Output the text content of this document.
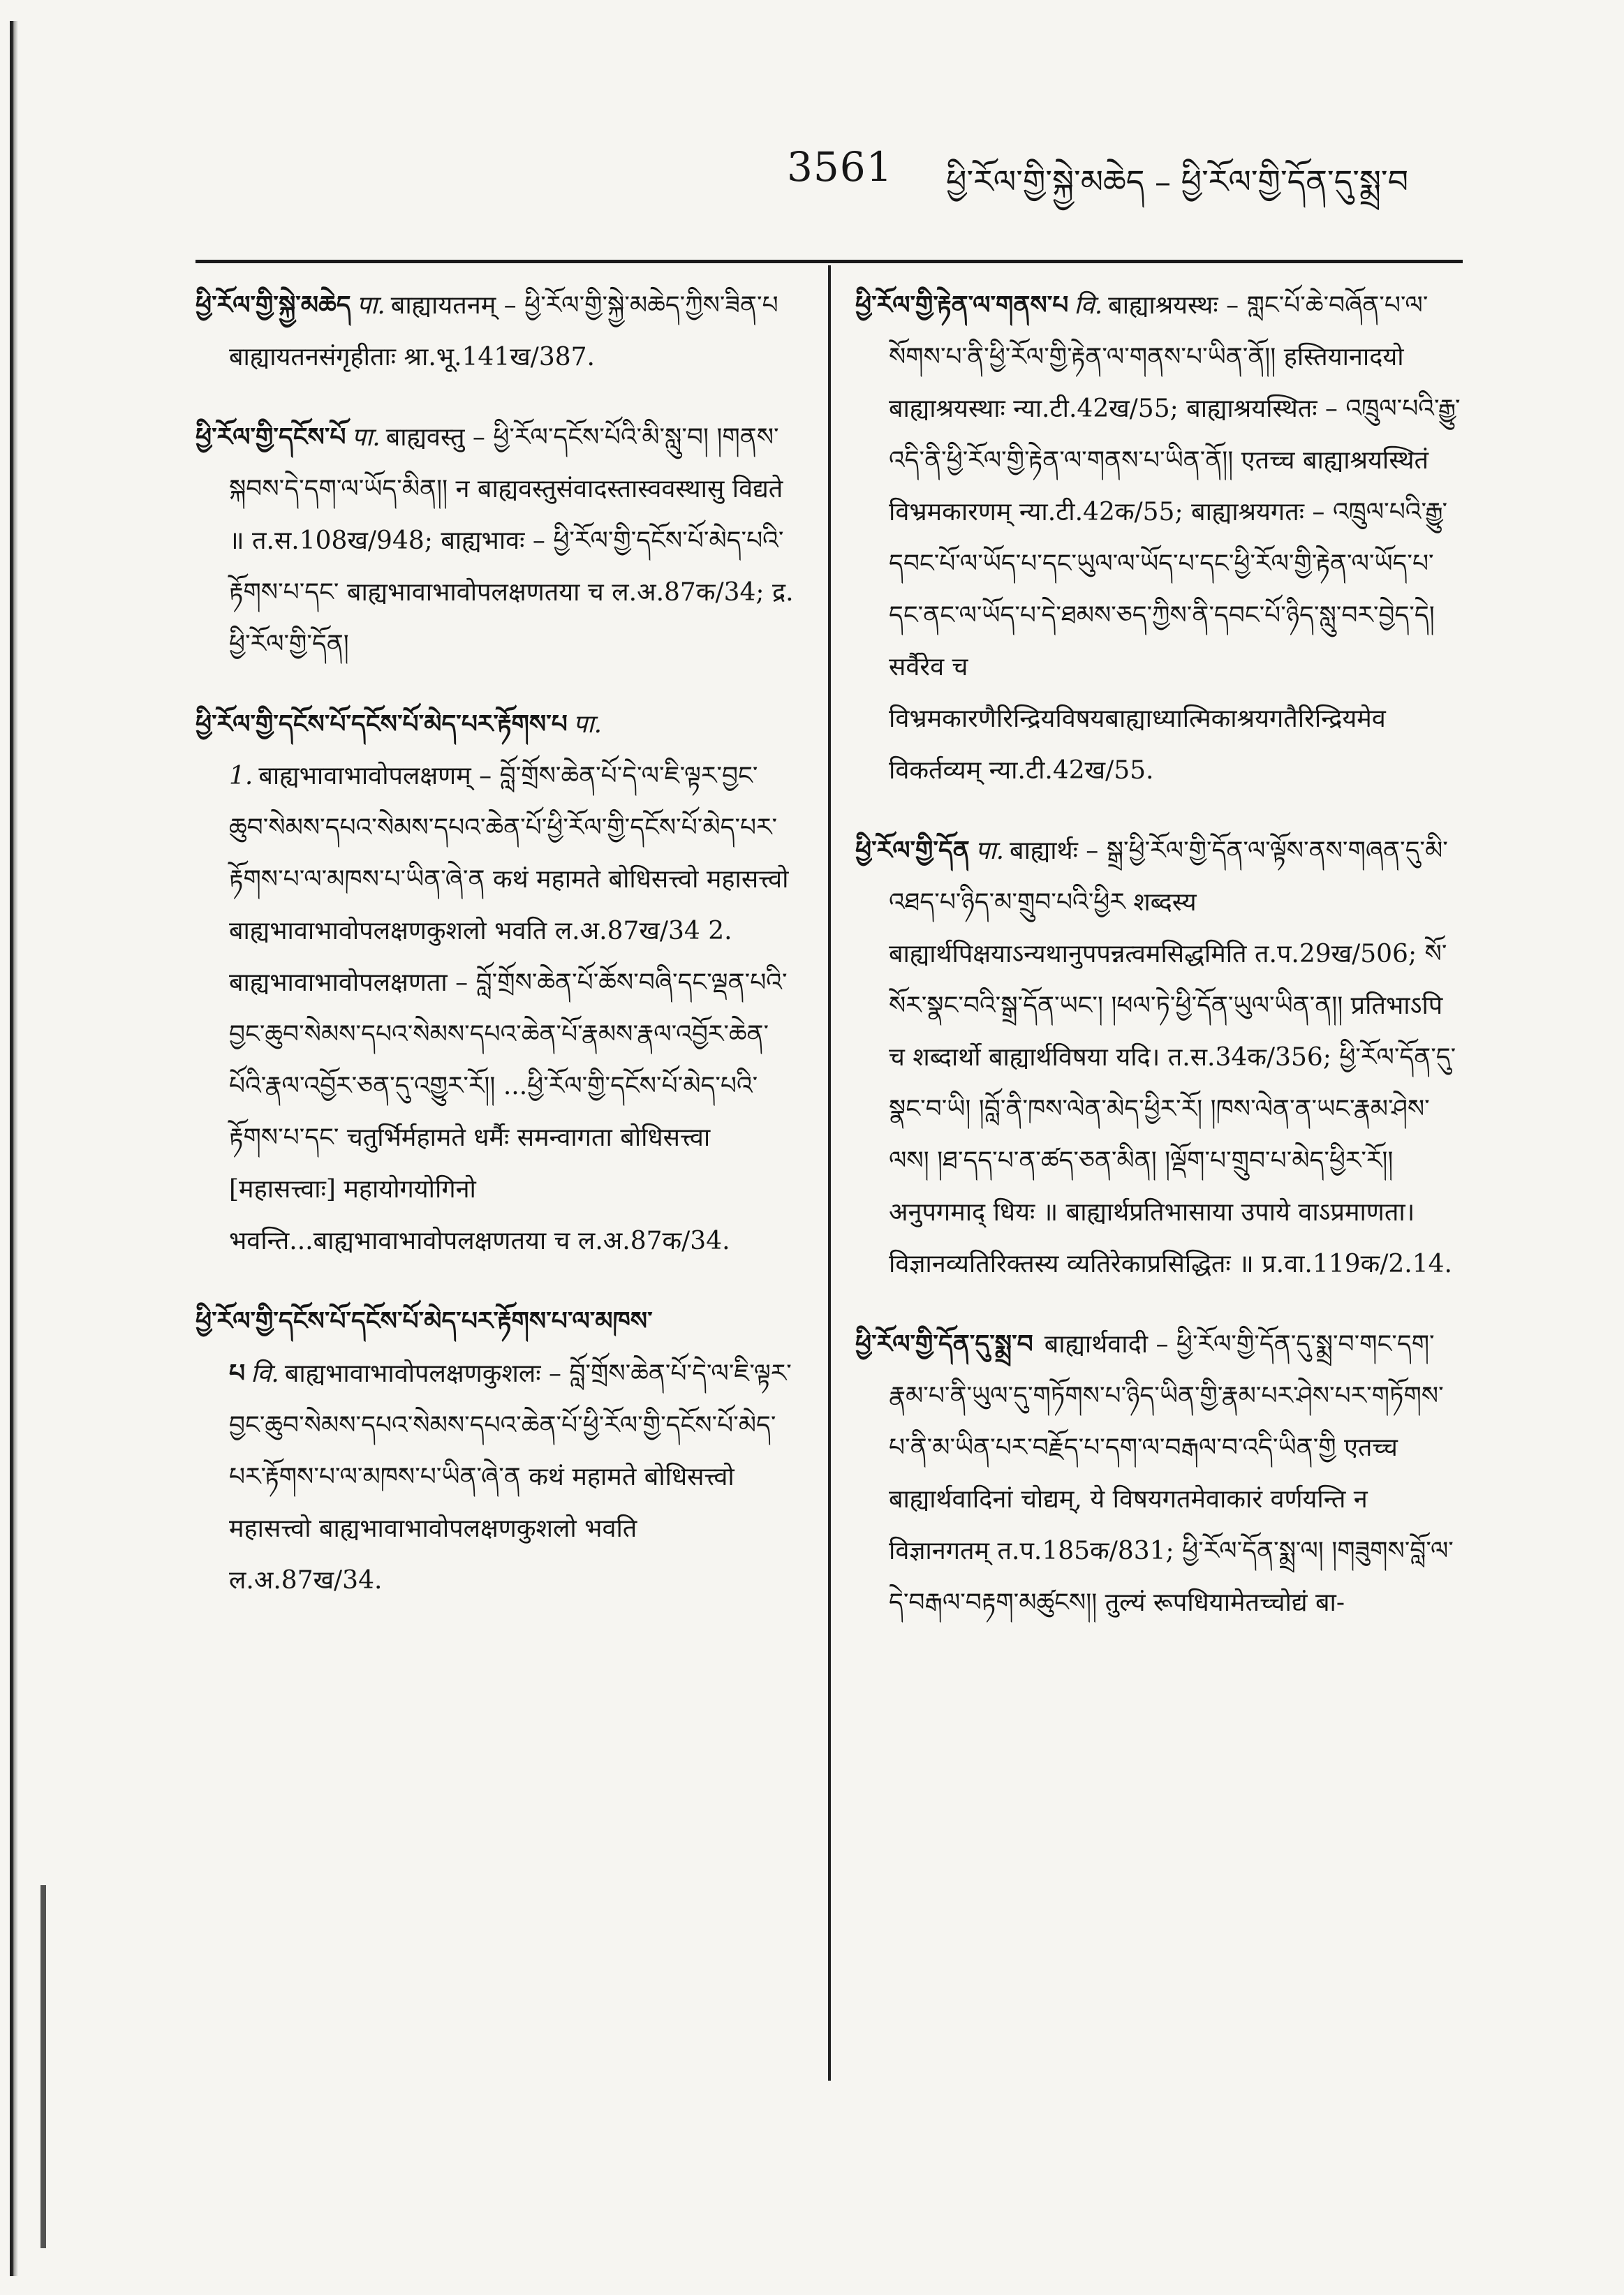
3561 ཕྱི་རོལ་གྱི་སྐྱེ་མཆེད – ཕྱི་རོལ་གྱི་དོན་དུ་སྨྲ་བ

ཕྱི་རོལ་གྱི་སྐྱེ་མཆེད पा. बाह्यायतनम् – ཕྱི་རོལ་གྱི་སྐྱེ་མཆེད་ཀྱིས་ཟིན་པ बाह्यायतनसंगृहीताः श्रा.भू.141ख/387.

ཕྱི་རོལ་གྱི་དངོས་པོ पा. बाह्यवस्तु – ཕྱི་རོལ་དངོས་པོའི་མི་སླུ་བ། །གནས་སྐབས་དེ་དག་ལ་ཡོད་མིན།། न बाह्यवस्तुसंवादस्तास्ववस्थासु विद्यते ॥ त.स.108ख/948; बाह्यभावः – ཕྱི་རོལ་གྱི་དངོས་པོ་མེད་པའི་རྟོགས་པ་དང་ बाह्यभावाभावोपलक्षणतया च ल.अ.87क/34; द्र. ཕྱི་རོལ་གྱི་དོན།

ཕྱི་རོལ་གྱི་དངོས་པོ་དངོས་པོ་མེད་པར་རྟོགས་པ पा. 1. बाह्यभावाभावोपलक्षणम् – བློ་གྲོས་ཆེན་པོ་དེ་ལ་ཇི་ལྟར་བྱང་ཆུབ་སེམས་དཔའ་སེམས་དཔའ་ཆེན་པོ་ཕྱི་རོལ་གྱི་དངོས་པོ་མེད་པར་རྟོགས་པ་ལ་མཁས་པ་ཡིན་ཞེ་ན कथं महामते बोधिसत्त्वो महासत्त्वो बाह्यभावाभावोपलक्षणकुशलो भवति ल.अ.87ख/34 2. बाह्यभावाभावोपलक्षणता – བློ་གྲོས་ཆེན་པོ་ཆོས་བཞི་དང་ལྡན་པའི་བྱང་ཆུབ་སེམས་དཔའ་སེམས་དཔའ་ཆེན་པོ་རྣམས་རྣལ་འབྱོར་ཆེན་པོའི་རྣལ་འབྱོར་ཅན་དུ་འགྱུར་རོ།། ...ཕྱི་རོལ་གྱི་དངོས་པོ་མེད་པའི་རྟོགས་པ་དང་ चतुर्भिर्महामते धर्मैः समन्वागता बोधिसत्त्वा [महासत्त्वाः] महायोगयोगिनो भवन्ति...बाह्यभावाभावोपलक्षणतया च ल.अ.87क/34.

ཕྱི་རོལ་གྱི་དངོས་པོ་དངོས་པོ་མེད་པར་རྟོགས་པ་ལ་མཁས་པ वि. बाह्यभावाभावोपलक्षणकुशलः – བློ་གྲོས་ཆེན་པོ་དེ་ལ་ཇི་ལྟར་བྱང་ཆུབ་སེམས་དཔའ་སེམས་དཔའ་ཆེན་པོ་ཕྱི་རོལ་གྱི་དངོས་པོ་མེད་པར་རྟོགས་པ་ལ་མཁས་པ་ཡིན་ཞེ་ན कथं महामते बोधिसत्त्वो महासत्त्वो बाह्यभावाभावोपलक्षणकुशलो भवति ल.अ.87ख/34.

ཕྱི་རོལ་གྱི་རྟེན་ལ་གནས་པ वि. बाह्याश्रयस्थः – གླང་པོ་ཆེ་བཞོན་པ་ལ་སོགས་པ་ནི་ཕྱི་རོལ་གྱི་རྟེན་ལ་གནས་པ་ཡིན་ནོ།། हस्तियानादयो बाह्याश्रयस्थाः न्या.टी.42ख/55; बाह्याश्रयस्थितः – འཁྲུལ་པའི་རྒྱུ་འདི་ནི་ཕྱི་རོལ་གྱི་རྟེན་ལ་གནས་པ་ཡིན་ནོ།། एतच्च बाह्याश्रयस्थितं विभ्रमकारणम् न्या.टी.42क/55; बाह्याश्रयगतः – འཁྲུལ་པའི་རྒྱུ་དབང་པོ་ལ་ཡོད་པ་དང་ཡུལ་ལ་ཡོད་པ་དང་ཕྱི་རོལ་གྱི་རྟེན་ལ་ཡོད་པ་དང་ནང་ལ་ཡོད་པ་དེ་ཐམས་ཅད་ཀྱིས་ནི་དབང་པོ་ཉིད་སླུ་བར་བྱེད་དེ། सर्वैरेव च विभ्रमकारणैरिन्द्रियविषयबाह्याध्यात्मिकाश्रयगतैरिन्द्रियमेव विकर्तव्यम् न्या.टी.42ख/55.

ཕྱི་རོལ་གྱི་དོན पा. बाह्यार्थः – སྒྲ་ཕྱི་རོལ་གྱི་དོན་ལ་ལྟོས་ནས་གཞན་དུ་མི་འཐད་པ་ཉིད་མ་གྲུབ་པའི་ཕྱིར शब्दस्य बाह्यार्थपिक्षयाऽन्यथानुपपन्नत्वमसिद्धमिति त.प.29ख/506; སོ་སོར་སྣང་བའི་སྒྲ་དོན་ཡང་། །ཕལ་ཏེ་ཕྱི་དོན་ཡུལ་ཡིན་ན།། प्रतिभाऽपि च शब्दार्थो बाह्यार्थविषया यदि। त.स.34क/356; ཕྱི་རོལ་དོན་དུ་སྣང་བ་ཡི། །བློ་ནི་ཁས་ལེན་མེད་ཕྱིར་རོ། །ཁས་ལེན་ན་ཡང་རྣམ་ཤེས་ལས། །ཐ་དད་པ་ན་ཚད་ཅན་མིན། །ལྡོག་པ་གྲུབ་པ་མེད་ཕྱིར་རོ།། अनुपगमाद् धियः ॥ बाह्यार्थप्रतिभासाया उपाये वाऽप्रमाणता। विज्ञानव्यतिरिक्तस्य व्यतिरेकाप्रसिद्धितः ॥ प्र.वा.119क/2.14.

ཕྱི་རོལ་གྱི་དོན་དུ་སྨྲ་བ बाह्यार्थवादी – ཕྱི་རོལ་གྱི་དོན་དུ་སྨྲ་བ་གང་དག་རྣམ་པ་ནི་ཡུལ་དུ་གཏོགས་པ་ཉིད་ཡིན་གྱི་རྣམ་པར་ཤེས་པར་གཏོགས་པ་ནི་མ་ཡིན་པར་བརྗོད་པ་དག་ལ་བརྒལ་བ་འདི་ཡིན་གྱི एतच्च बाह्यार्थवादिनां चोद्यम्, ये विषयगतमेवाकारं वर्णयन्ति न विज्ञानगतम् त.प.185क/831; ཕྱི་རོལ་དོན་སྨྲ་ལ། །གཟུགས་བློ་ལ་དེ་བརྒལ་བརྟག་མཚུངས།། तुल्यं रूपधियामेतच्चोद्यं बा-
